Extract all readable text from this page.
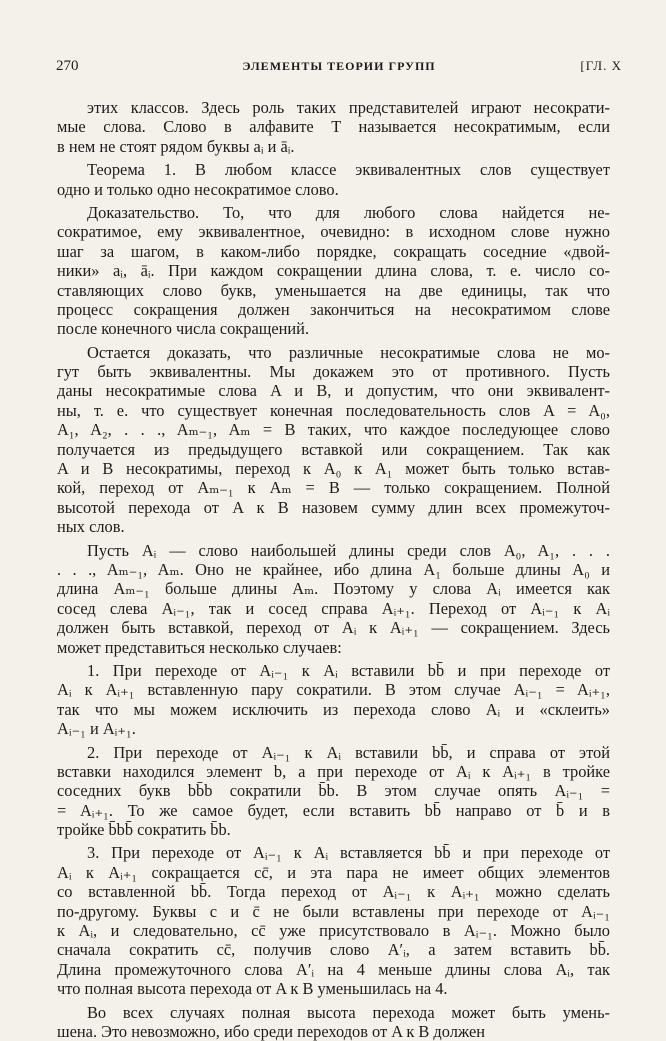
270	ЭЛЕМЕНТЫ ТЕОРИИ ГРУПП	[ГЛ. X
этих классов. Здесь роль таких представителей играют несократи-
мые слова. Слово в алфавите T называется несократимым, если
в нем не стоят рядом буквы aᵢ и āᵢ.
Теорема 1. В любом классе эквивалентных слов существует
одно и только одно несократимое слово.
Доказательство. То, что для любого слова найдется не-
сократимое, ему эквивалентное, очевидно: в исходном слове нужно
шаг за шагом, в каком-либо порядке, сокращать соседние «двой-
ники» aᵢ, āᵢ. При каждом сокращении длина слова, т. е. число со-
ставляющих слово букв, уменьшается на две единицы, так что
процесс сокращения должен закончиться на несократимом слове
после конечного числа сокращений.
Остается доказать, что различные несократимые слова не мо-
гут быть эквивалентны. Мы докажем это от противного. Пусть
даны несократимые слова A и B, и допустим, что они эквивалент-
ны, т. е. что существует конечная последовательность слов A = A₀,
A₁, A₂, . . ., Aₘ₋₁, Aₘ = B таких, что каждое последующее слово
получается из предыдущего вставкой или сокращением. Так как
A и B несократимы, переход к A₀ к A₁ может быть только встав-
кой, переход от Aₘ₋₁ к Aₘ = B — только сокращением. Полной
высотой перехода от A к B назовем сумму длин всех промежуточ-
ных слов.
Пусть Aᵢ — слово наибольшей длины среди слов A₀, A₁, . . .
. . ., Aₘ₋₁, Aₘ. Оно не крайнее, ибо длина A₁ больше длины A₀ и
длина Aₘ₋₁ больше длины Aₘ. Поэтому у слова Aᵢ имеется как
сосед слева Aᵢ₋₁, так и сосед справа Aᵢ₊₁. Переход от Aᵢ₋₁ к Aᵢ
должен быть вставкой, переход от Aᵢ к Aᵢ₊₁ — сокращением. Здесь
может представиться несколько случаев:
1. При переходе от Aᵢ₋₁ к Aᵢ вставили bb̄ и при переходе от
Aᵢ к Aᵢ₊₁ вставленную пару сократили. В этом случае Aᵢ₋₁ = Aᵢ₊₁,
так что мы можем исключить из перехода слово Aᵢ и «склеить»
Aᵢ₋₁ и Aᵢ₊₁.
2. При переходе от Aᵢ₋₁ к Aᵢ вставили bb̄, и справа от этой
вставки находился элемент b, а при переходе от Aᵢ к Aᵢ₊₁ в тройке
соседних букв bb̄b сократили b̄b. В этом случае опять Aᵢ₋₁ =
= Aᵢ₊₁. То же самое будет, если вставить bb̄ направо от b̄ и в
тройке b̄bb̄ сократить b̄b.
3. При переходе от Aᵢ₋₁ к Aᵢ вставляется bb̄ и при переходе от
Aᵢ к Aᵢ₊₁ сокращается cc̄, и эта пара не имеет общих элементов
со вставленной bb̄. Тогда переход от Aᵢ₋₁ к Aᵢ₊₁ можно сделать
по-другому. Буквы c и c̄ не были вставлены при переходе от Aᵢ₋₁
к Aᵢ, и следовательно, cc̄ уже присутствовало в Aᵢ₋₁. Можно было
сначала сократить cc̄, получив слово A′ᵢ, а затем вставить bb̄.
Длина промежуточного слова A′ᵢ на 4 меньше длины слова Aᵢ, так
что полная высота перехода от A к B уменьшилась на 4.
Во всех случаях полная высота перехода может быть умень-
шена. Это невозможно, ибо среди переходов от A к B должен
